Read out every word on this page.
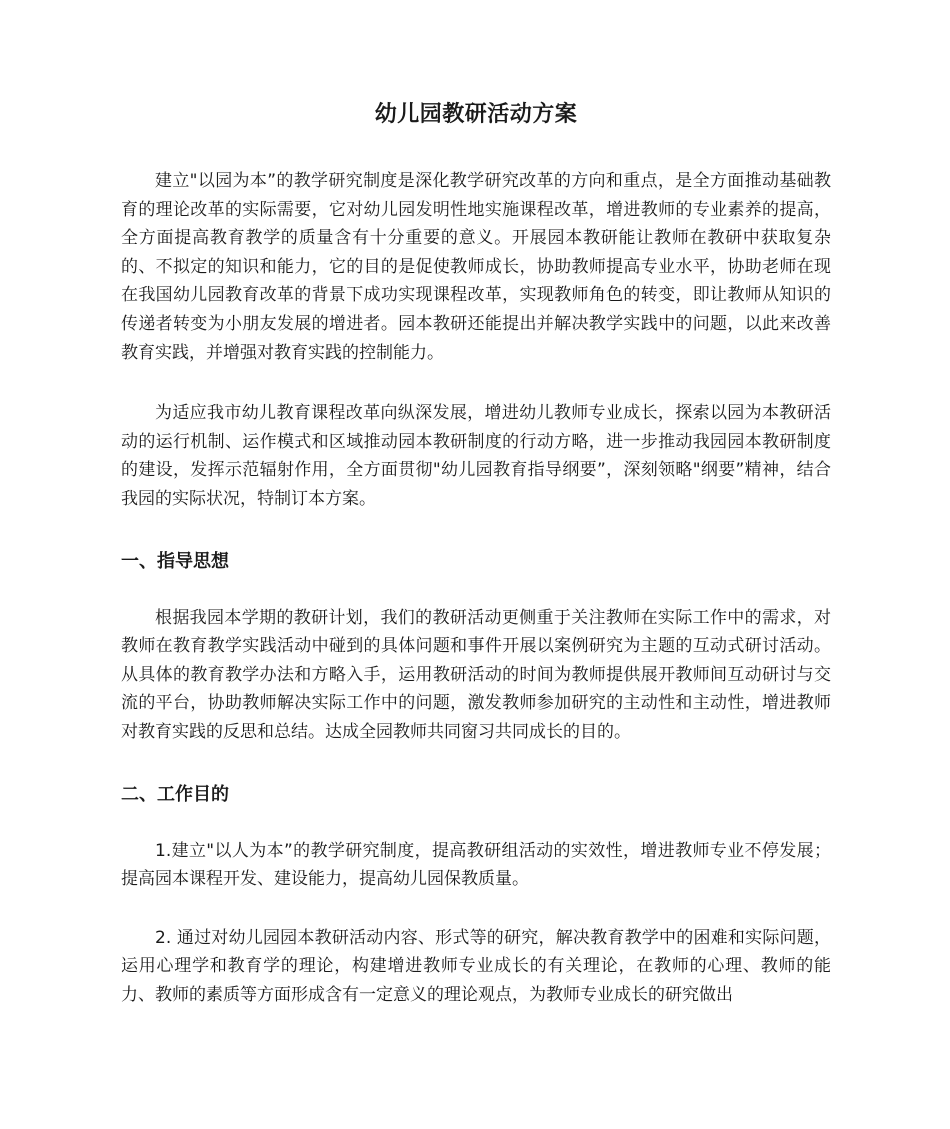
幼儿园教研活动方案

建立"以园为本”的教学研究制度是深化教学研究改革的方向和重点，是全方面推动基础教育的理论改革的实际需要，它对幼儿园发明性地实施课程改革，增进教师的专业素养的提高，全方面提高教育教学的质量含有十分重要的意义。开展园本教研能让教师在教研中获取复杂的、不拟定的知识和能力，它的目的是促使教师成长，协助教师提高专业水平，协助老师在现在我国幼儿园教育改革的背景下成功实现课程改革，实现教师角色的转变，即让教师从知识的传递者转变为小朋友发展的增进者。园本教研还能提出并解决教学实践中的问题，以此来改善教育实践，并增强对教育实践的控制能力。

为适应我市幼儿教育课程改革向纵深发展，增进幼儿教师专业成长，探索以园为本教研活动的运行机制、运作模式和区域推动园本教研制度的行动方略，进一步推动我园园本教研制度的建设，发挥示范辐射作用，全方面贯彻"幼儿园教育指导纲要”，深刻领略"纲要”精神，结合我园的实际状况，特制订本方案。

一、指导思想

根据我园本学期的教研计划，我们的教研活动更侧重于关注教师在实际工作中的需求，对教师在教育教学实践活动中碰到的具体问题和事件开展以案例研究为主题的互动式研讨活动。从具体的教育教学办法和方略入手，运用教研活动的时间为教师提供展开教师间互动研讨与交流的平台，协助教师解决实际工作中的问题，激发教师参加研究的主动性和主动性，增进教师对教育实践的反思和总结。达成全园教师共同窗习共同成长的目的。

二、工作目的

1.建立"以人为本”的教学研究制度，提高教研组活动的实效性，增进教师专业不停发展；提高园本课程开发、建设能力，提高幼儿园保教质量。

2. 通过对幼儿园园本教研活动内容、形式等的研究，解决教育教学中的困难和实际问题，运用心理学和教育学的理论，构建增进教师专业成长的有关理论，在教师的心理、教师的能力、教师的素质等方面形成含有一定意义的理论观点，为教师专业成长的研究做出
